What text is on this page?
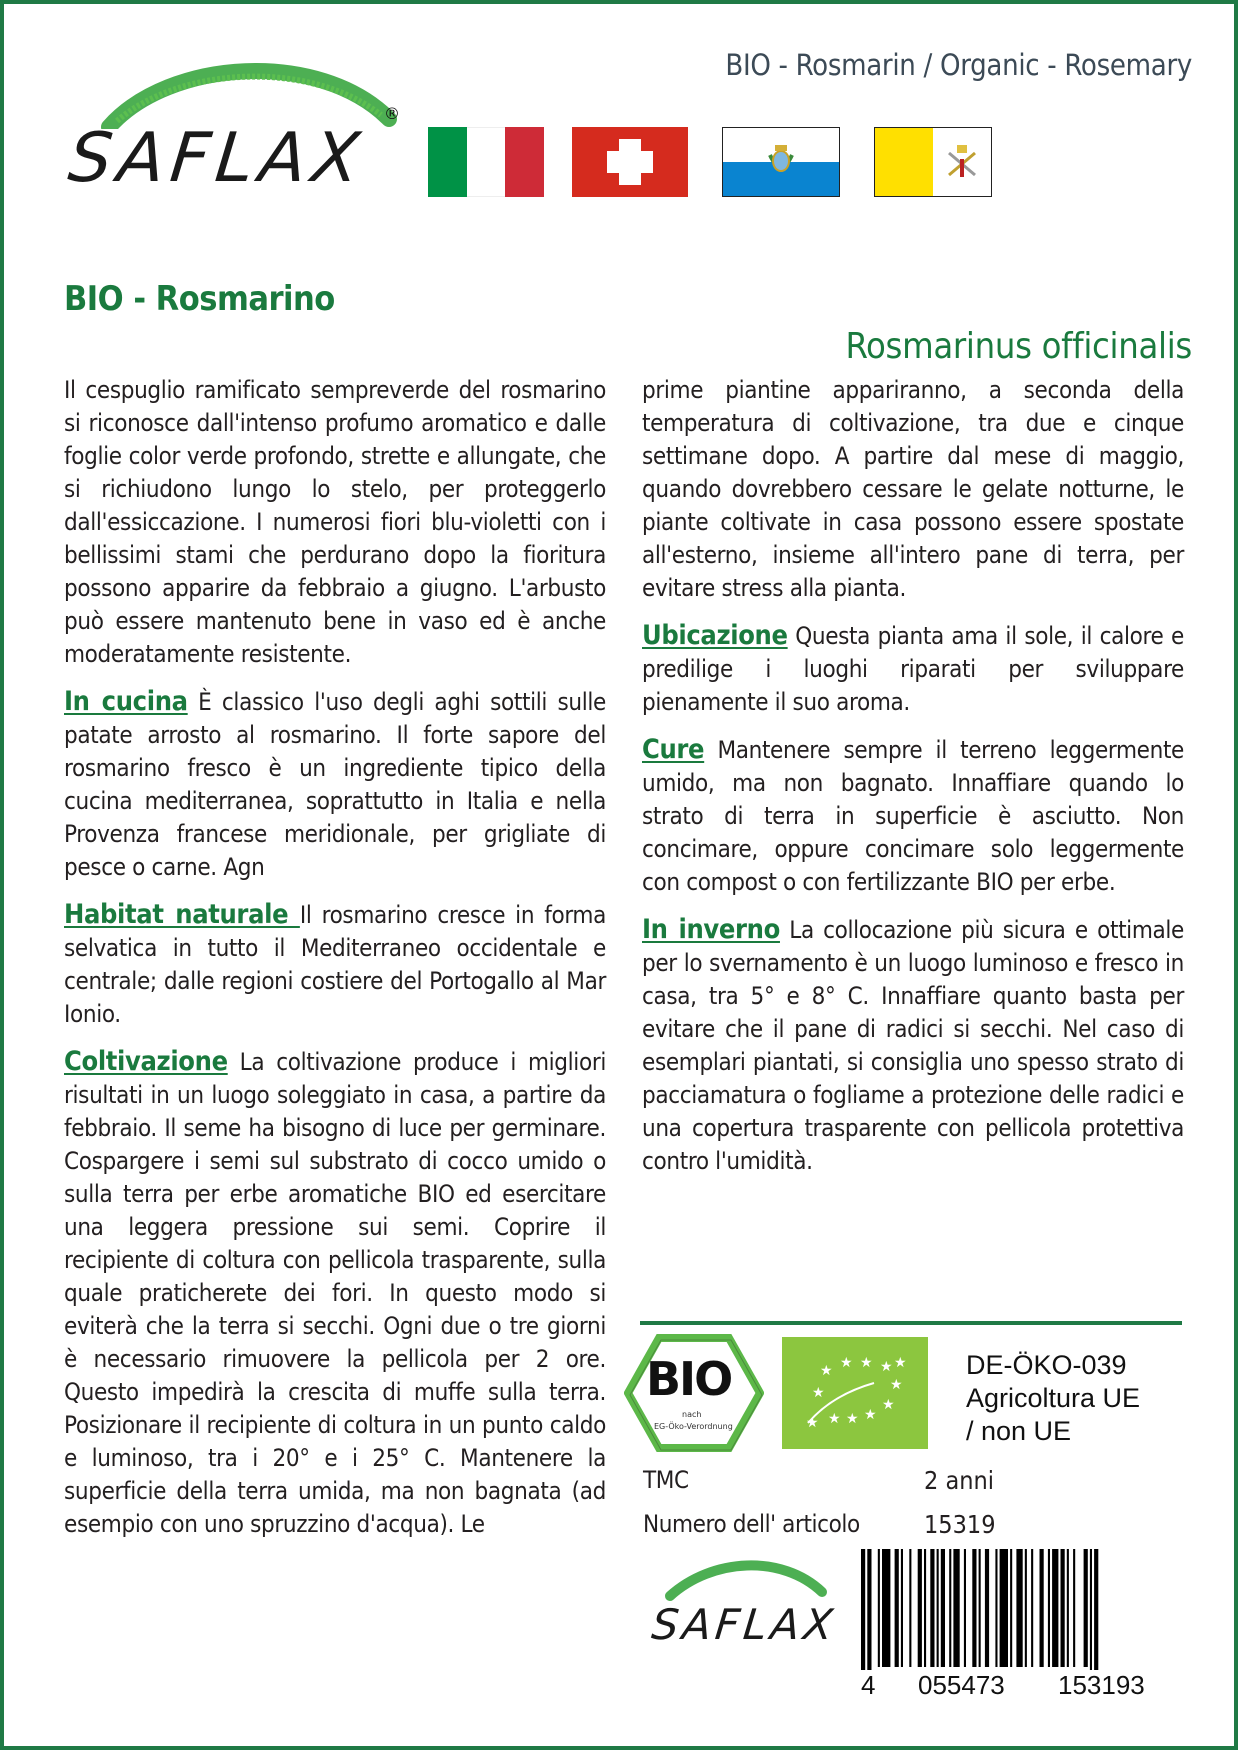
SAFLAX
®
BIO - Rosmarin / Organic - Rosemary
BIO - Rosmarino
Rosmarinus officinalis

Il cespuglio ramificato sempreverde del rosmarino si riconosce dall'intenso profumo aromatico e dalle foglie color verde profondo, strette e allungate, che si richiudono lungo lo stelo, per proteggerlo dall'essiccazione. I numerosi fiori blu-violetti con i bellissimi stami che perdurano dopo la fioritura possono apparire da febbraio a giugno. L'arbusto può essere mantenuto bene in vaso ed è anche moderatamente resistente.

In cucina È classico l'uso degli aghi sottili sulle patate arrosto al rosmarino. Il forte sapore del rosmarino fresco è un ingrediente tipico della cucina mediterranea, soprattutto in Italia e nella Provenza francese meridionale, per grigliate di pesce o carne. Agn

Habitat naturale Il rosmarino cresce in forma selvatica in tutto il Mediterraneo occidentale e centrale; dalle regioni costiere del Portogallo al Mar Ionio.

Coltivazione La coltivazione produce i migliori risultati in un luogo soleggiato in casa, a partire da febbraio. Il seme ha bisogno di luce per germinare. Cospargere i semi sul substrato di cocco umido o sulla terra per erbe aromatiche BIO ed esercitare una leggera pressione sui semi. Coprire il recipiente di coltura con pellicola trasparente, sulla quale praticherete dei fori. In questo modo si eviterà che la terra si secchi. Ogni due o tre giorni è necessario rimuovere la pellicola per 2 ore. Questo impedirà la crescita di muffe sulla terra. Posizionare il recipiente di coltura in un punto caldo e luminoso, tra i 20° e i 25° C. Mantenere la superficie della terra umida, ma non bagnata (ad esempio con uno spruzzino d'acqua). Le

prime piantine appariranno, a seconda della temperatura di coltivazione, tra due e cinque settimane dopo. A partire dal mese di maggio, quando dovrebbero cessare le gelate notturne, le piante coltivate in casa possono essere spostate all'esterno, insieme all'intero pane di terra, per evitare stress alla pianta.

Ubicazione Questa pianta ama il sole, il calore e predilige i luoghi riparati per sviluppare pienamente il suo aroma.

Cure Mantenere sempre il terreno leggermente umido, ma non bagnato. Innaffiare quando lo strato di terra in superficie è asciutto. Non concimare, oppure concimare solo leggermente con compost o con fertilizzante BIO per erbe.

In inverno La collocazione più sicura e ottimale per lo svernamento è un luogo luminoso e fresco in casa, tra 5° e 8° C. Innaffiare quanto basta per evitare che il pane di radici si secchi. Nel caso di esemplari piantati, si consiglia uno spesso strato di pacciamatura o fogliame a protezione delle radici e una copertura trasparente con pellicola protettiva contro l'umidità.

BIO
nach
EG-Öko-Verordnung
★
★ ★ ★ ★
★
★
★
★
★
★
★
DE-ÖKO-039
Agricoltura UE
/ non UE
TMC	2 anni
Numero dell' articolo	15319
SAFLAX
4 055473 153193
